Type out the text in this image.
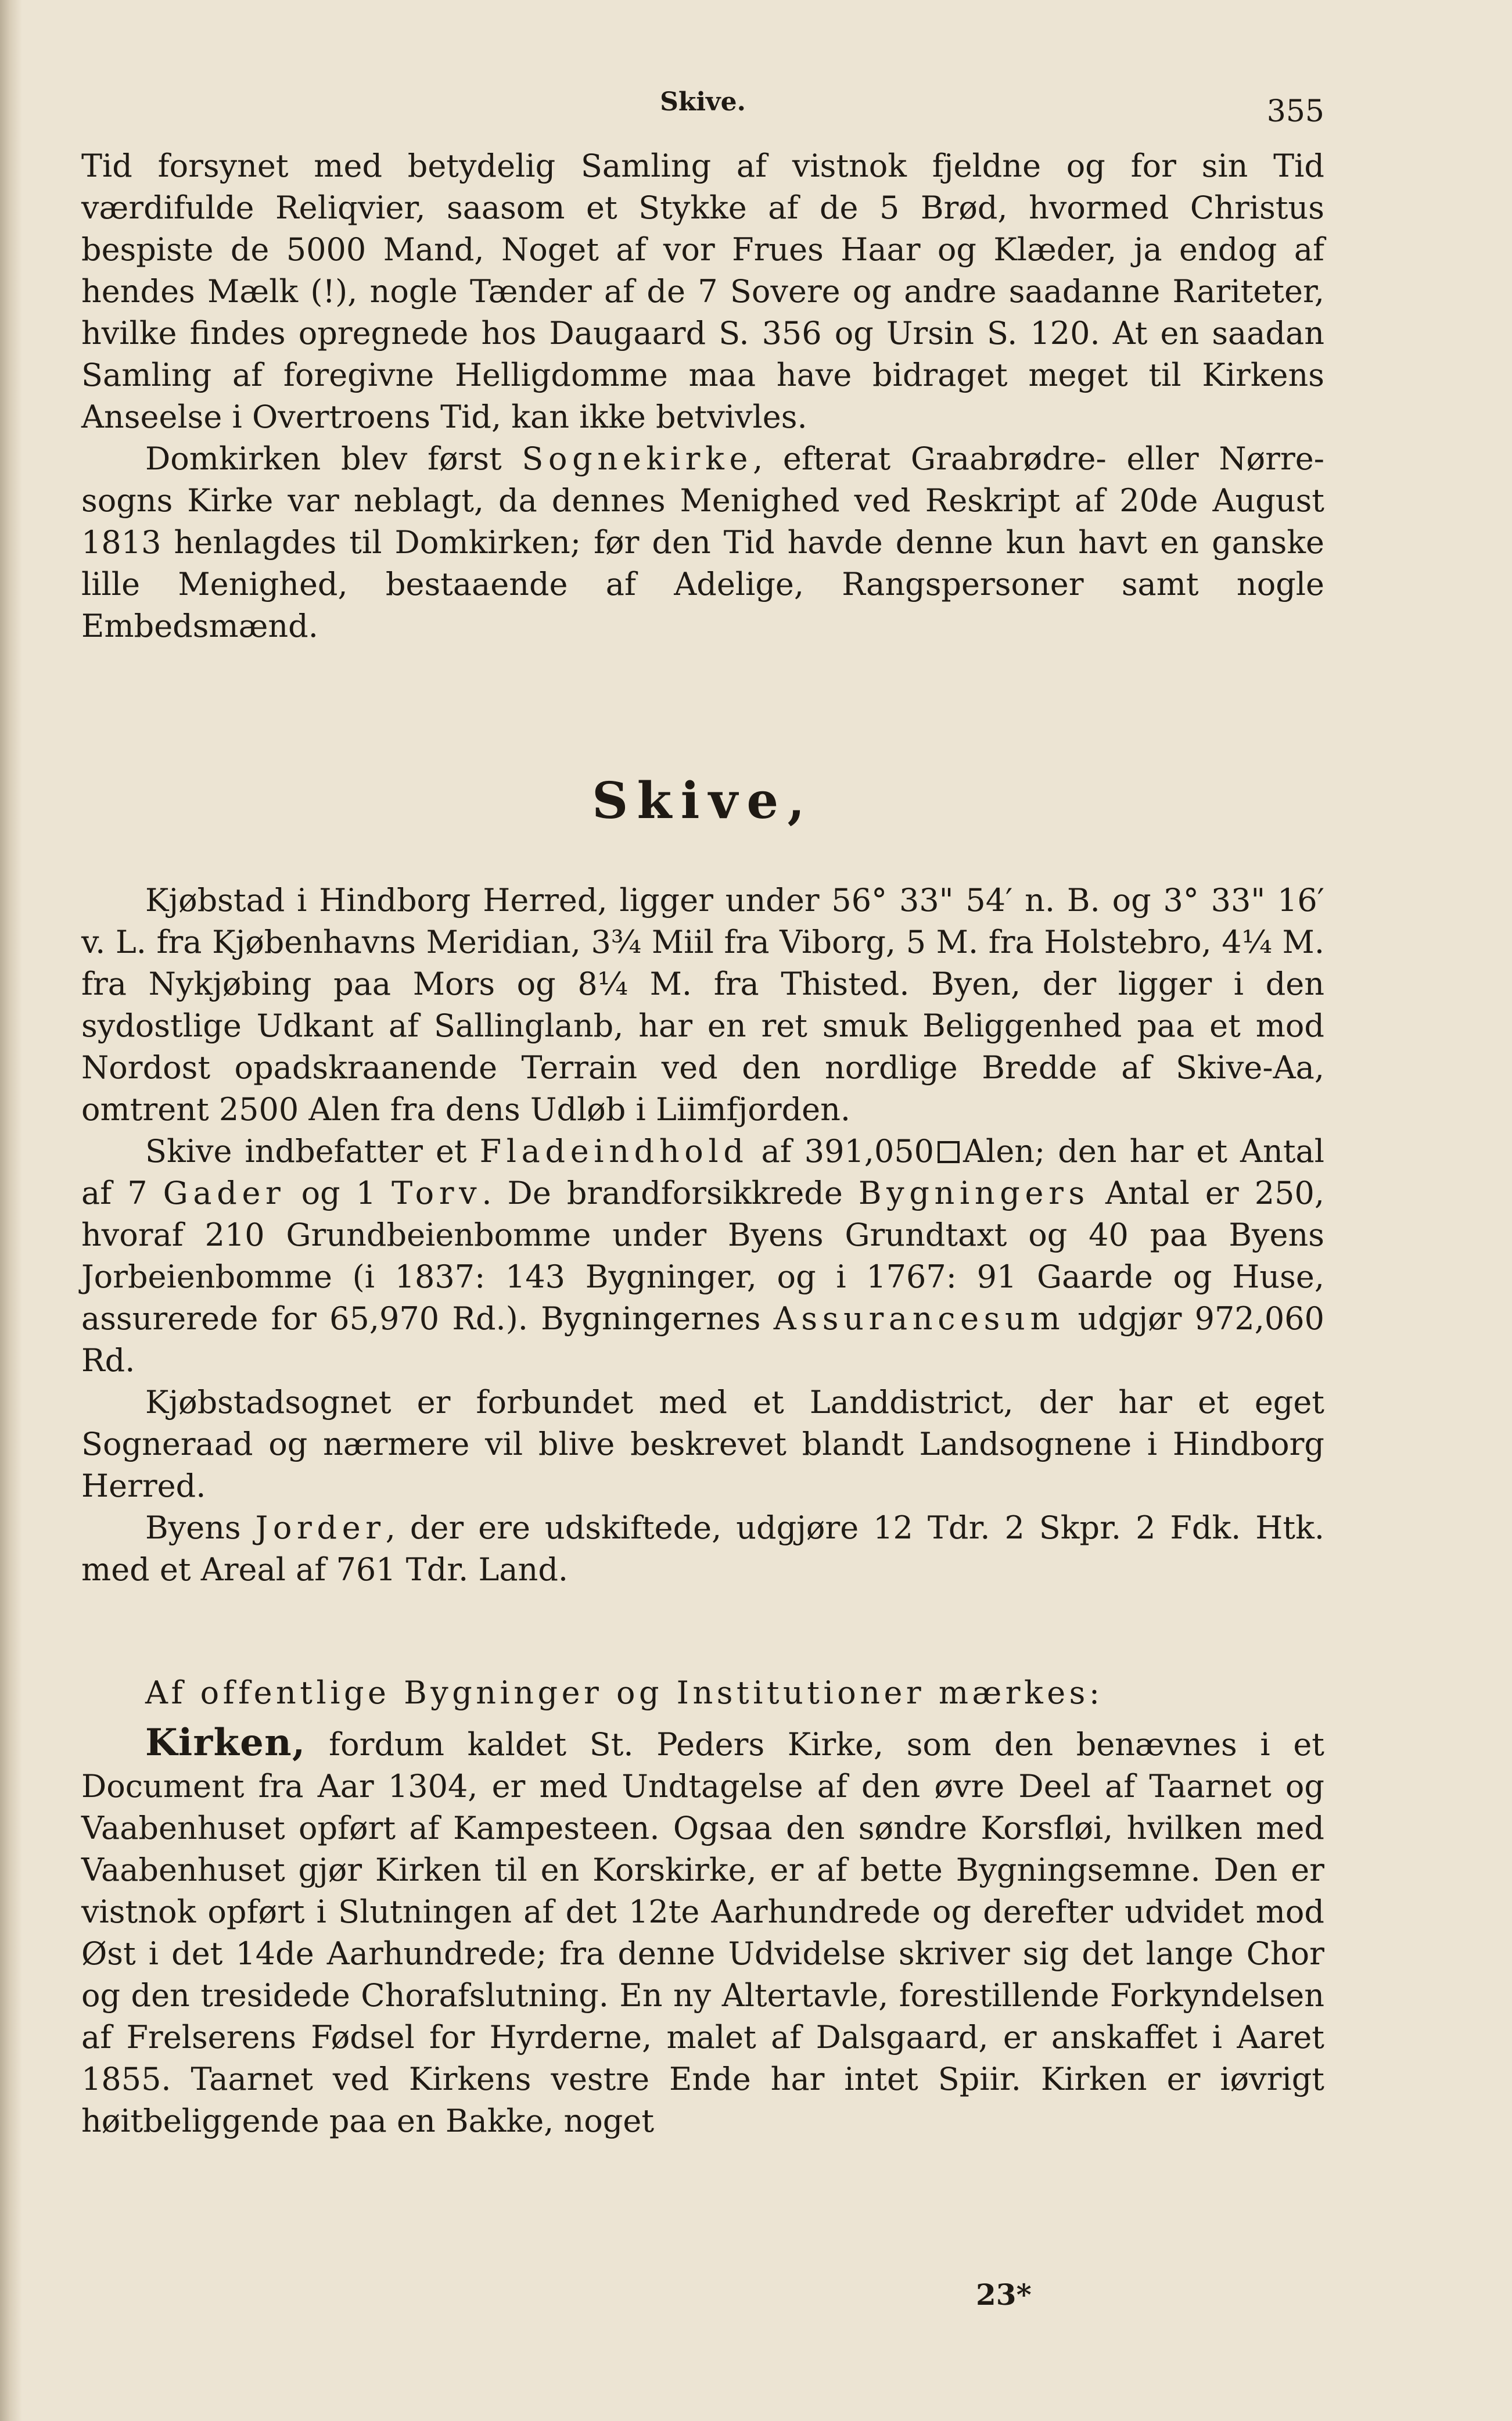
Skive.	355

Tid forsynet med betydelig Samling af vistnok fjeldne og for sin Tid værdifulde Reliqvier, saasom et Stykke af de 5 Brød, hvormed Christus bespiste de 5000 Mand, Noget af vor Frues Haar og Klæder, ja endog af hendes Mælk (!), nogle Tænder af de 7 Sovere og andre saadanne Rariteter, hvilke findes opregnede hos Daugaard S. 356 og Ursin S. 120. At en saadan Samling af foregivne Helligdomme maa have bidraget meget til Kirkens Anseelse i Overtroens Tid, kan ikke betvivles.

Domkirken blev først Sognekirke, efterat Graabrødre- eller Nørre-sogns Kirke var neblagt, da dennes Menighed ved Reskript af 20de August 1813 henlagdes til Domkirken; før den Tid havde denne kun havt en ganske lille Menighed, bestaaende af Adelige, Rangspersoner samt nogle Embedsmænd.

Skive,

Kjøbstad i Hindborg Herred, ligger under 56° 33" 54′ n. B. og 3° 33" 16′ v. L. fra Kjøbenhavns Meridian, 3¾ Miil fra Viborg, 5 M. fra Holstebro, 4¼ M. fra Nykjøbing paa Mors og 8¼ M. fra Thisted. Byen, der ligger i den sydostlige Udkant af Sallinglanb, har en ret smuk Beliggenhed paa et mod Nordost opadskraanende Terrain ved den nordlige Bredde af Skive-Aa, omtrent 2500 Alen fra dens Udløb i Liimfjorden.

Skive indbefatter et Fladeindhold af 391,050 Alen; den har et Antal af 7 Gader og 1 Torv. De brandforsikkrede Bygningers Antal er 250, hvoraf 210 Grundbeienbomme under Byens Grundtaxt og 40 paa Byens Jorbeienbomme (i 1837: 143 Bygninger, og i 1767: 91 Gaarde og Huse, assurerede for 65,970 Rd.). Bygningernes Assurancesum udgjør 972,060 Rd.

Kjøbstadsognet er forbundet med et Landdistrict, der har et eget Sogneraad og nærmere vil blive beskrevet blandt Landsognene i Hindborg Herred.

Byens Jorder, der ere udskiftede, udgjøre 12 Tdr. 2 Skpr. 2 Fdk. Htk. med et Areal af 761 Tdr. Land.

Af offentlige Bygninger og Institutioner mærkes:

Kirken, fordum kaldet St. Peders Kirke, som den benævnes i et Document fra Aar 1304, er med Undtagelse af den øvre Deel af Taarnet og Vaabenhuset opført af Kampesteen. Ogsaa den søndre Korsfløi, hvilken med Vaabenhuset gjør Kirken til en Korskirke, er af bette Bygningsemne. Den er vistnok opført i Slutningen af det 12te Aarhundrede og derefter udvidet mod Øst i det 14de Aarhundrede; fra denne Udvidelse skriver sig det lange Chor og den tresidede Chorafslutning. En ny Altertavle, forestillende Forkyndelsen af Frelserens Fødsel for Hyrderne, malet af Dalsgaard, er anskaffet i Aaret 1855. Taarnet ved Kirkens vestre Ende har intet Spiir. Kirken er iøvrigt høitbeliggende paa en Bakke, noget

23*
